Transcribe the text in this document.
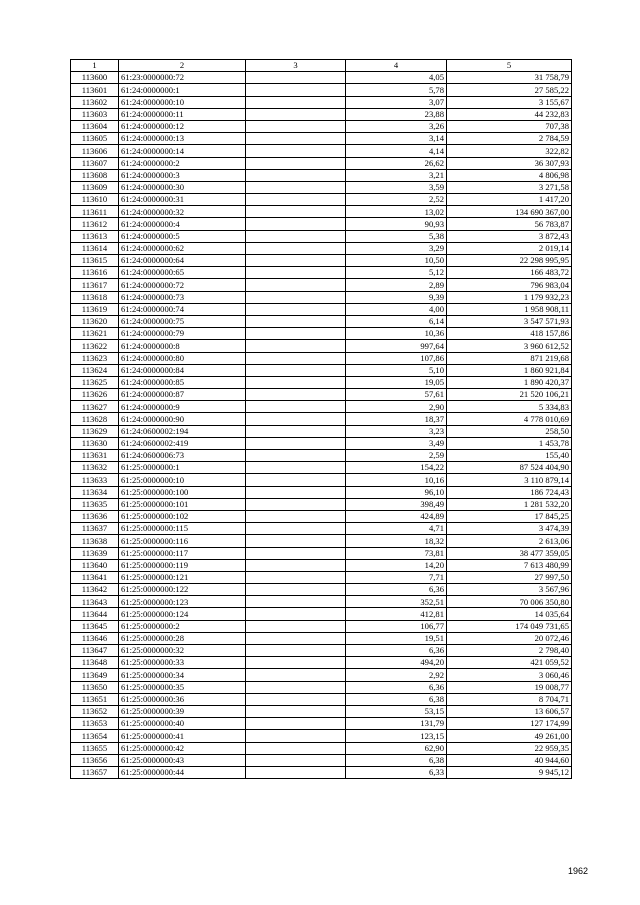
1	2	3	4	5
113600	61:23:0000000:72		4,05	31 758,79
113601	61:24:0000000:1		5,78	27 585,22
113602	61:24:0000000:10		3,07	3 155,67
113603	61:24:0000000:11		23,88	44 232,83
113604	61:24:0000000:12		3,26	707,38
113605	61:24:0000000:13		3,14	2 784,59
113606	61:24:0000000:14		4,14	322,82
113607	61:24:0000000:2		26,62	36 307,93
113608	61:24:0000000:3		3,21	4 806,98
113609	61:24:0000000:30		3,59	3 271,58
113610	61:24:0000000:31		2,52	1 417,20
113611	61:24:0000000:32		13,02	134 690 367,00
113612	61:24:0000000:4		90,93	56 783,87
113613	61:24:0000000:5		5,38	3 872,43
113614	61:24:0000000:62		3,29	2 019,14
113615	61:24:0000000:64		10,50	22 298 995,95
113616	61:24:0000000:65		5,12	166 483,72
113617	61:24:0000000:72		2,89	796 983,04
113618	61:24:0000000:73		9,39	1 179 932,23
113619	61:24:0000000:74		4,00	1 958 908,11
113620	61:24:0000000:75		6,14	3 547 571,93
113621	61:24:0000000:79		10,36	418 157,86
113622	61:24:0000000:8		997,64	3 960 612,52
113623	61:24:0000000:80		107,86	871 219,68
113624	61:24:0000000:84		5,10	1 860 921,84
113625	61:24:0000000:85		19,05	1 890 420,37
113626	61:24:0000000:87		57,61	21 520 106,21
113627	61:24:0000000:9		2,90	5 334,83
113628	61:24:0000000:90		18,37	4 778 010,69
113629	61:24:0600002:194		3,23	258,50
113630	61:24:0600002:419		3,49	1 453,78
113631	61:24:0600006:73		2,59	155,40
113632	61:25:0000000:1		154,22	87 524 404,90
113633	61:25:0000000:10		10,16	3 110 879,14
113634	61:25:0000000:100		96,10	186 724,43
113635	61:25:0000000:101		398,49	1 281 532,20
113636	61:25:0000000:102		424,89	17 845,25
113637	61:25:0000000:115		4,71	3 474,39
113638	61:25:0000000:116		18,32	2 613,06
113639	61:25:0000000:117		73,81	38 477 359,05
113640	61:25:0000000:119		14,20	7 613 480,99
113641	61:25:0000000:121		7,71	27 997,50
113642	61:25:0000000:122		6,36	3 567,96
113643	61:25:0000000:123		352,51	70 006 350,80
113644	61:25:0000000:124		412,81	14 035,64
113645	61:25:0000000:2		106,77	174 049 731,65
113646	61:25:0000000:28		19,51	20 072,46
113647	61:25:0000000:32		6,36	2 798,40
113648	61:25:0000000:33		494,20	421 059,52
113649	61:25:0000000:34		2,92	3 060,46
113650	61:25:0000000:35		6,36	19 008,77
113651	61:25:0000000:36		6,38	8 704,71
113652	61:25:0000000:39		53,15	13 606,57
113653	61:25:0000000:40		131,79	127 174,99
113654	61:25:0000000:41		123,15	49 261,00
113655	61:25:0000000:42		62,90	22 959,35
113656	61:25:0000000:43		6,38	40 944,60
113657	61:25:0000000:44		6,33	9 945,12
1962
